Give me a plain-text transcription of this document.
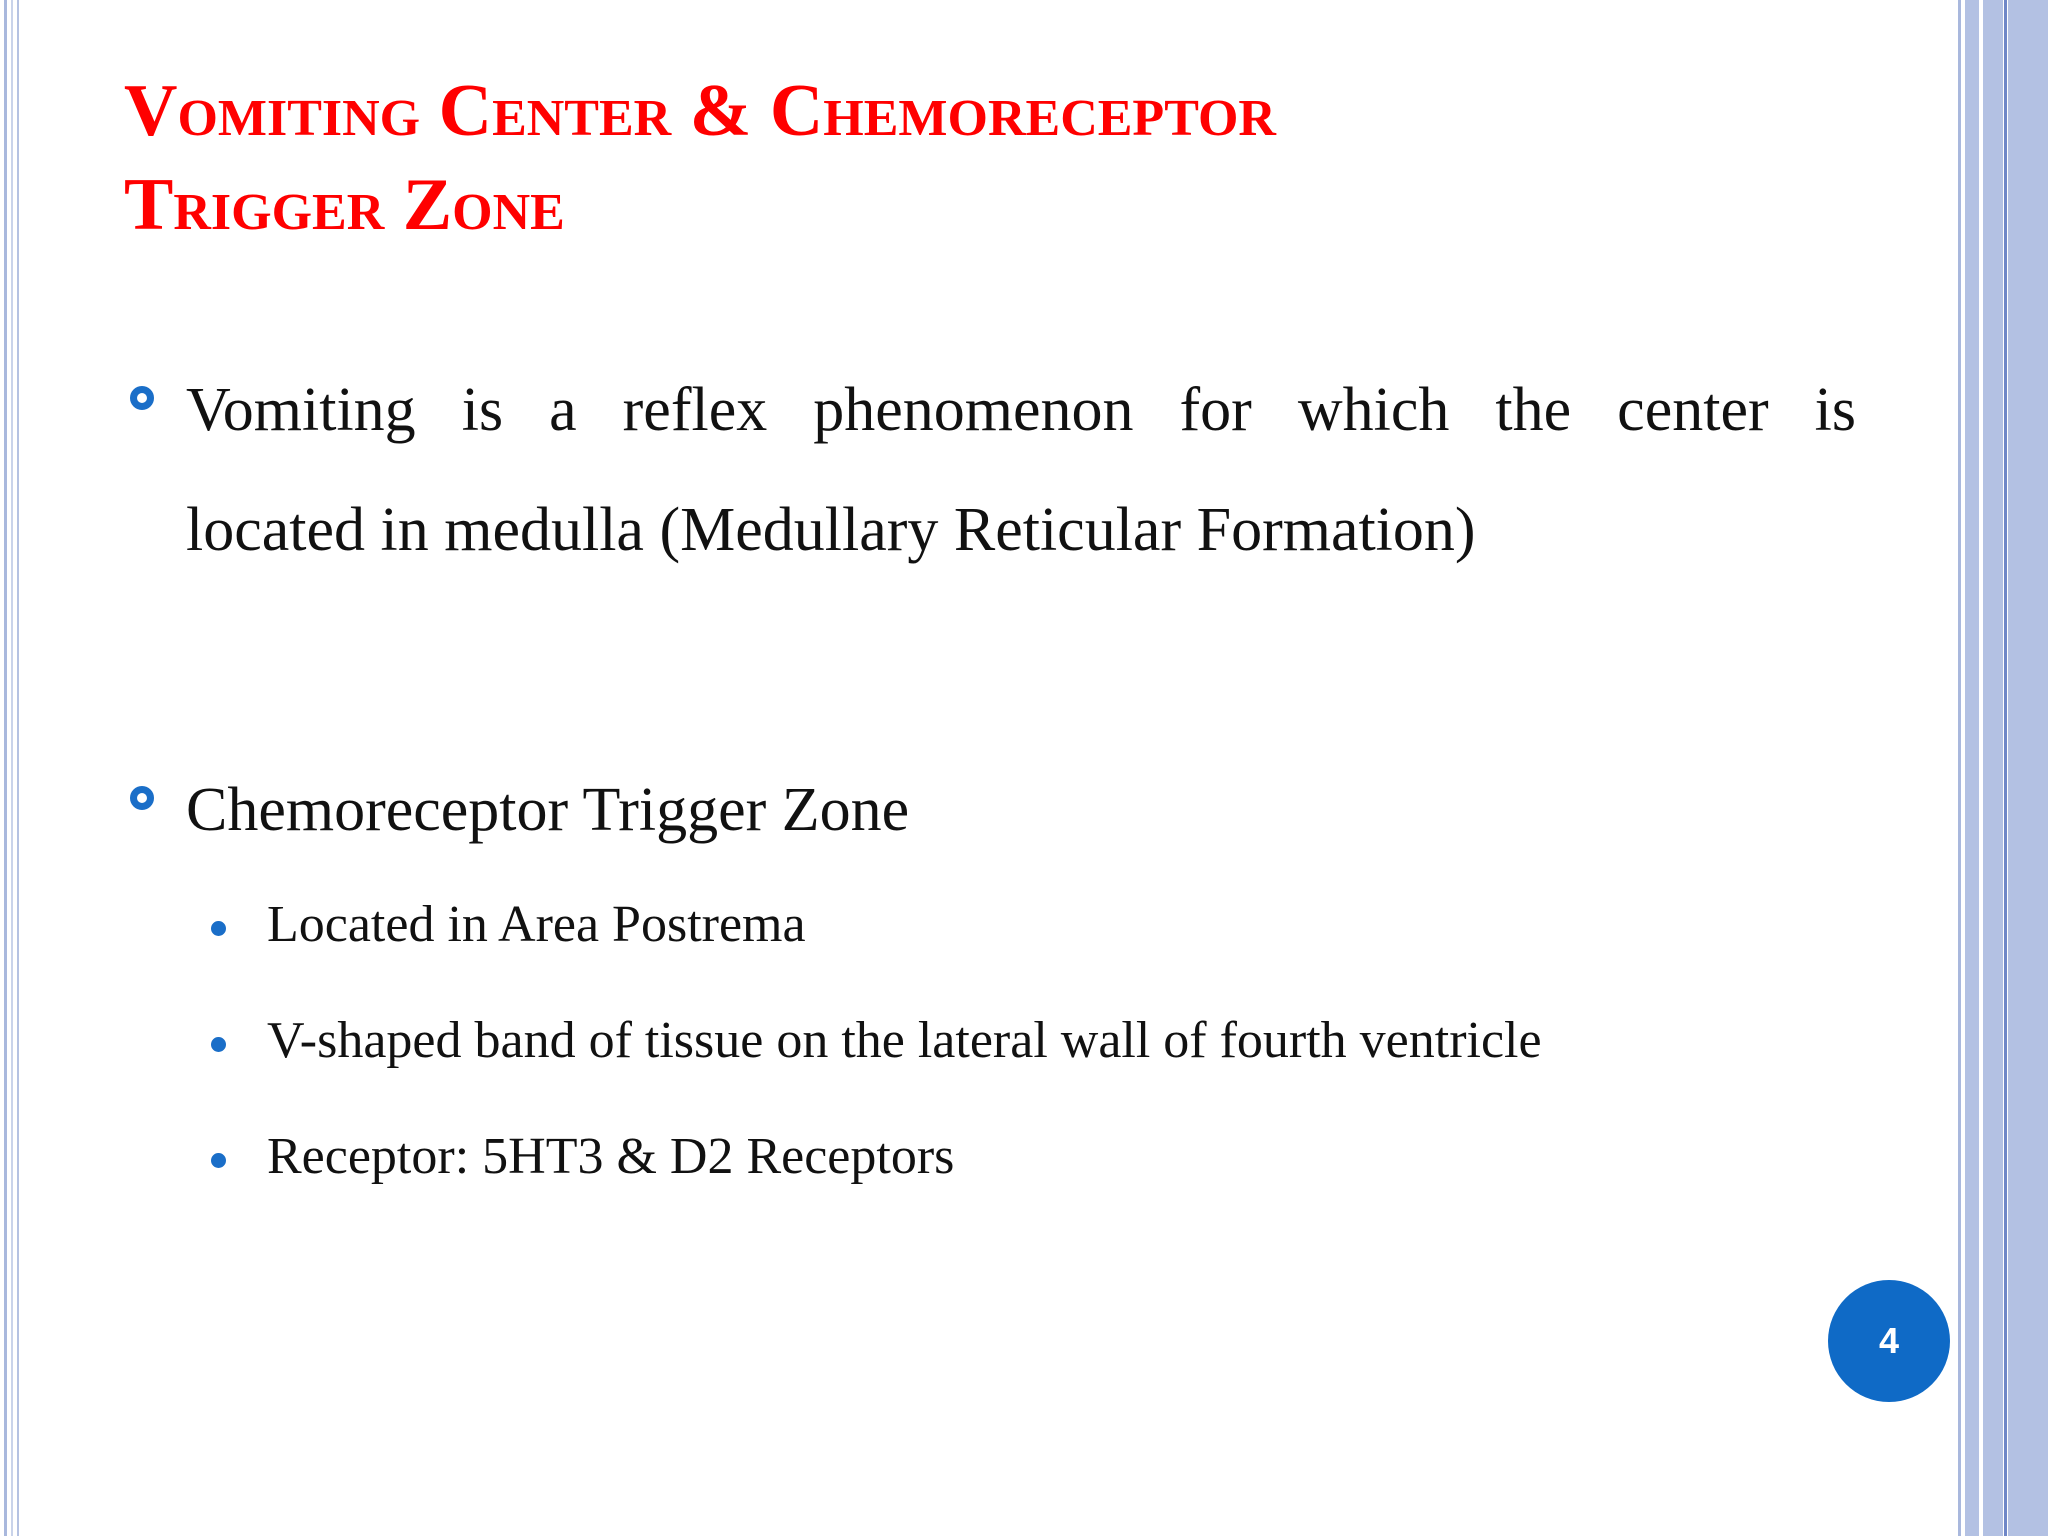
Vomiting Center & Chemoreceptor
Trigger Zone

Vomiting is a reflex phenomenon for which the center is
located in medulla (Medullary Reticular Formation)

Chemoreceptor Trigger Zone

Located in Area Postrema
V-shaped band of tissue on the lateral wall of fourth ventricle
Receptor: 5HT3 & D2 Receptors
4
